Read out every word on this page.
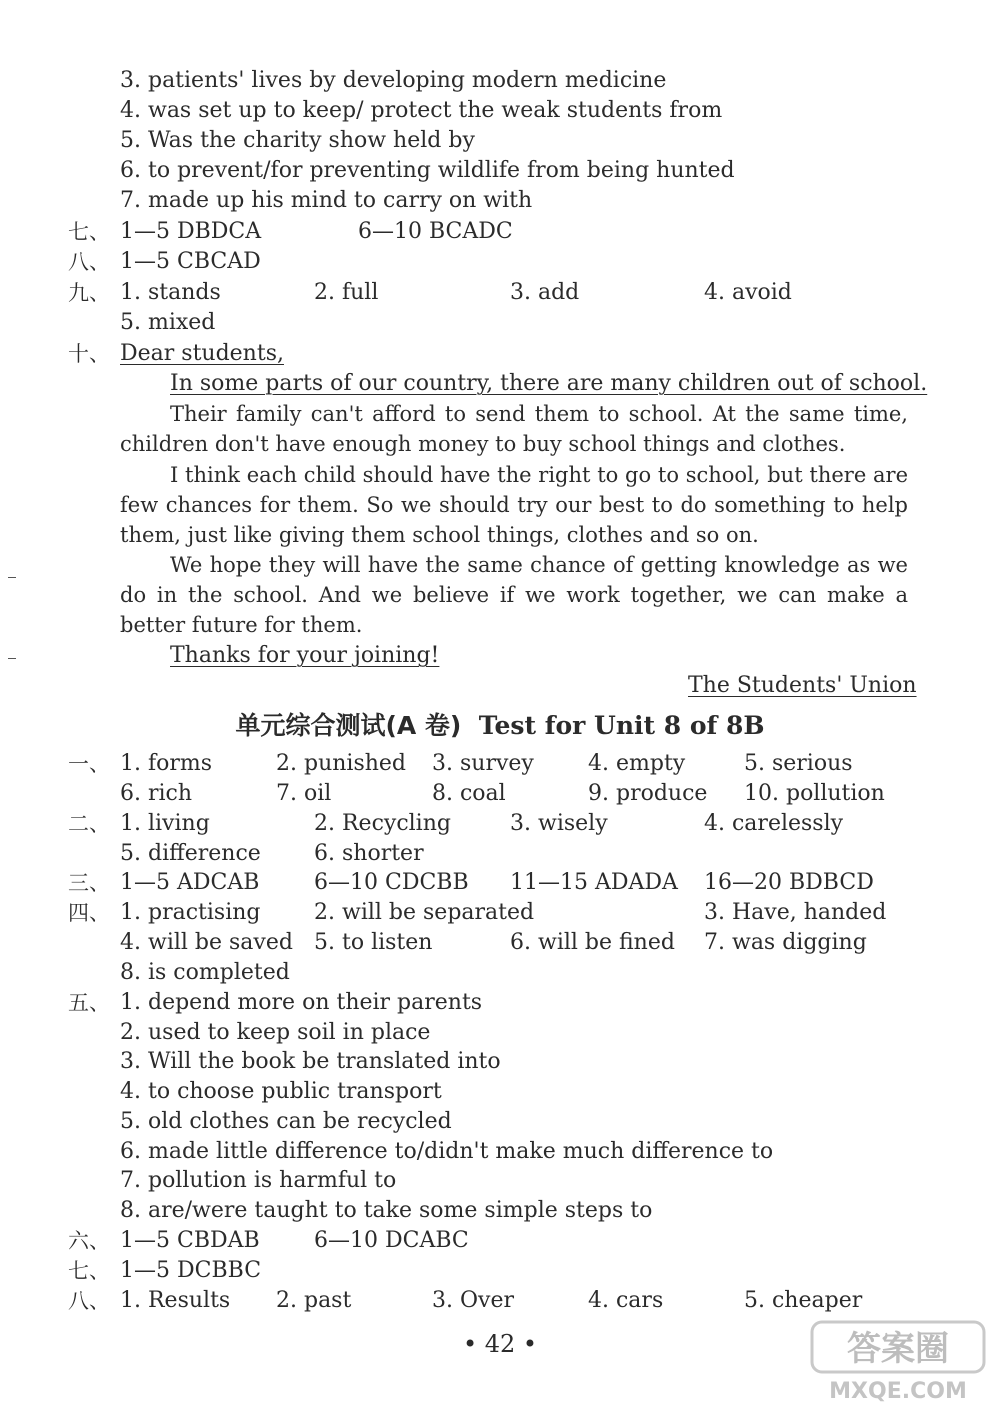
3. patients' lives by developing modern medicine
4. was set up to keep/ protect the weak students from
5. Was the charity show held by
6. to prevent/for preventing wildlife from being hunted
7. made up his mind to carry on with
七、 1—5 DBDCA	6—10 BCADC
八、 1—5 CBCAD
九、 1. stands	2. full	3. add	4. avoid
5. mixed
十、 Dear students,
In some parts of our country, there are many children out of school.
Their family can't afford to send them to school. At the same time, children don't have enough money to buy school things and clothes.
I think each child should have the right to go to school, but there are few chances for them. So we should try our best to do something to help them, just like giving them school things, clothes and so on.
We hope they will have the same chance of getting knowledge as we do in the school. And we believe if we work together, we can make a better future for them.
Thanks for your joining!
The Students' Union
单元综合测试(A 卷) Test for Unit 8 of 8B
一、 1. forms	2. punished 3. survey 4. empty	5. serious
6. rich	7. oil	8. coal	9. produce 10. pollution
二、 1. living	2. Recycling	3. wisely	4. carelessly
5. difference 6. shorter
三、 1—5 ADCAB 6—10 CDCBB 11—15 ADADA 16—20 BDBCD
四、 1. practising 2. will be separated	3. Have, handed
4. will be saved 5. to listen	6. will be fined 7. was digging
8. is completed
五、 1. depend more on their parents
2. used to keep soil in place
3. Will the book be translated into
4. to choose public transport
5. old clothes can be recycled
6. made little difference to/didn't make much difference to
7. pollution is harmful to
8. are/were taught to take some simple steps to
六、 1—5 CBDAB 6—10 DCABC
七、 1—5 DCBBC
八、 1. Results 2. past	3. Over	4. cars	5. cheaper
• 42 •	答案圈
MXQE.COM
